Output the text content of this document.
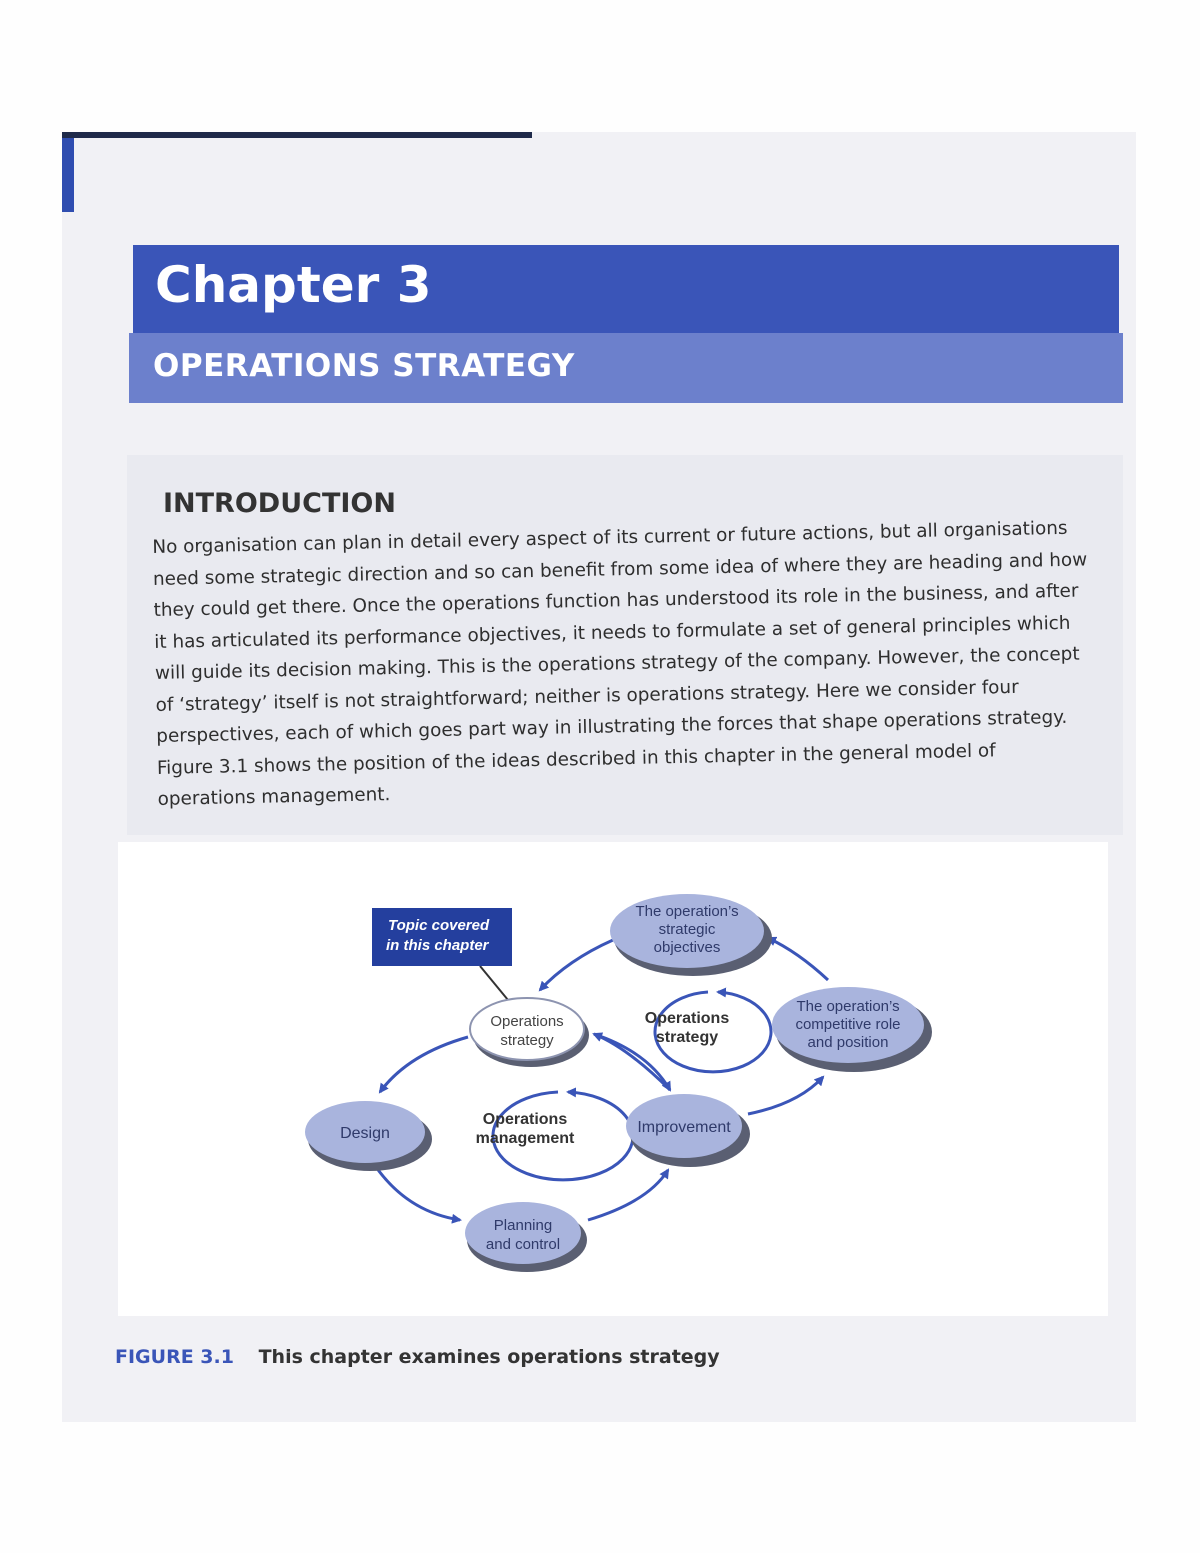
Chapter 3
OPERATIONS STRATEGY
INTRODUCTION
No organisation can plan in detail every aspect of its current or future actions, but all organisations need some strategic direction and so can benefit from some idea of where they are heading and how they could get there. Once the operations function has understood its role in the business, and after it has articulated its performance objectives, it needs to formulate a set of general principles which will guide its decision making. This is the operations strategy of the company. However, the concept of ‘strategy’ itself is not straightforward; neither is operations strategy. Here we consider four perspectives, each of which goes part way in illustrating the forces that shape operations strategy. Figure 3.1 shows the position of the ideas described in this chapter in the general model of operations management.
Topic covered
in this chapter
The operation’s
strategic
objectives
The operation’s
competitive role
and position
Operations
strategy
Operations
strategy
Operations
management
Design	Improvement
Planning
and control
FIGURE 3.1 This chapter examines operations strategy
